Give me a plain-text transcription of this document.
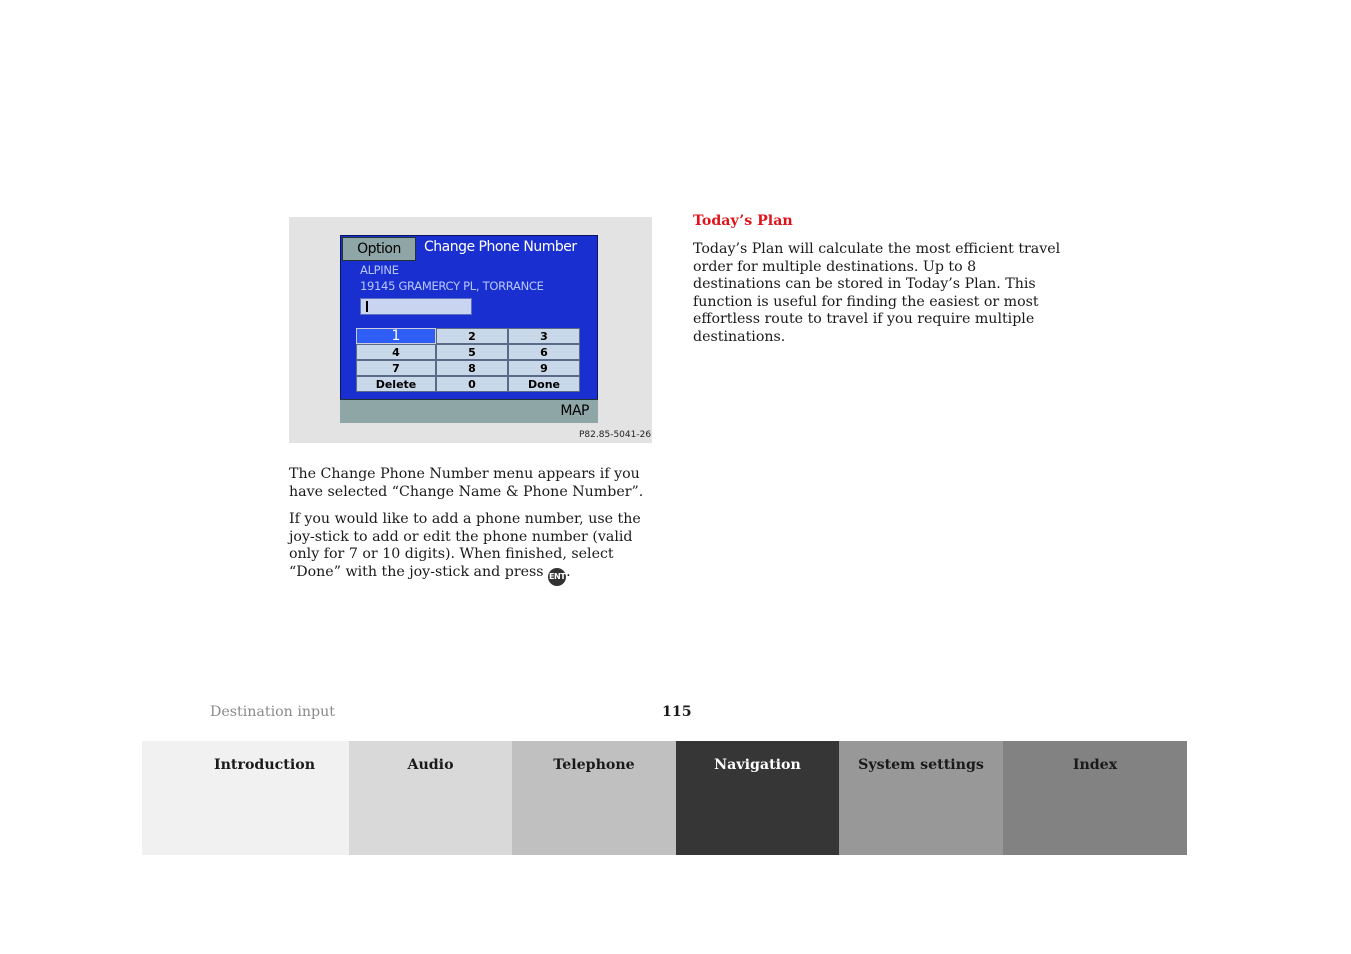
Option	Change Phone Number
ALPINE
19145 GRAMERCY PL, TORRANCE
1	2	3
4	5	6
7	8	9
Delete	0	Done
MAP
P82.85-5041-26

The Change Phone Number menu appears if you have selected “Change Name & Phone Number”.

If you would like to add a phone number, use the joy-stick to add or edit the phone number (valid only for 7 or 10 digits). When finished, select “Done” with the joy-stick and press ENT.

Today’s Plan

Today’s Plan will calculate the most efficient travel order for multiple destinations. Up to 8 destinations can be stored in Today’s Plan. This function is useful for finding the easiest or most effortless route to travel if you require multiple destinations.

Destination input	115
Introduction	Audio	Telephone	Navigation	System settings	Index
